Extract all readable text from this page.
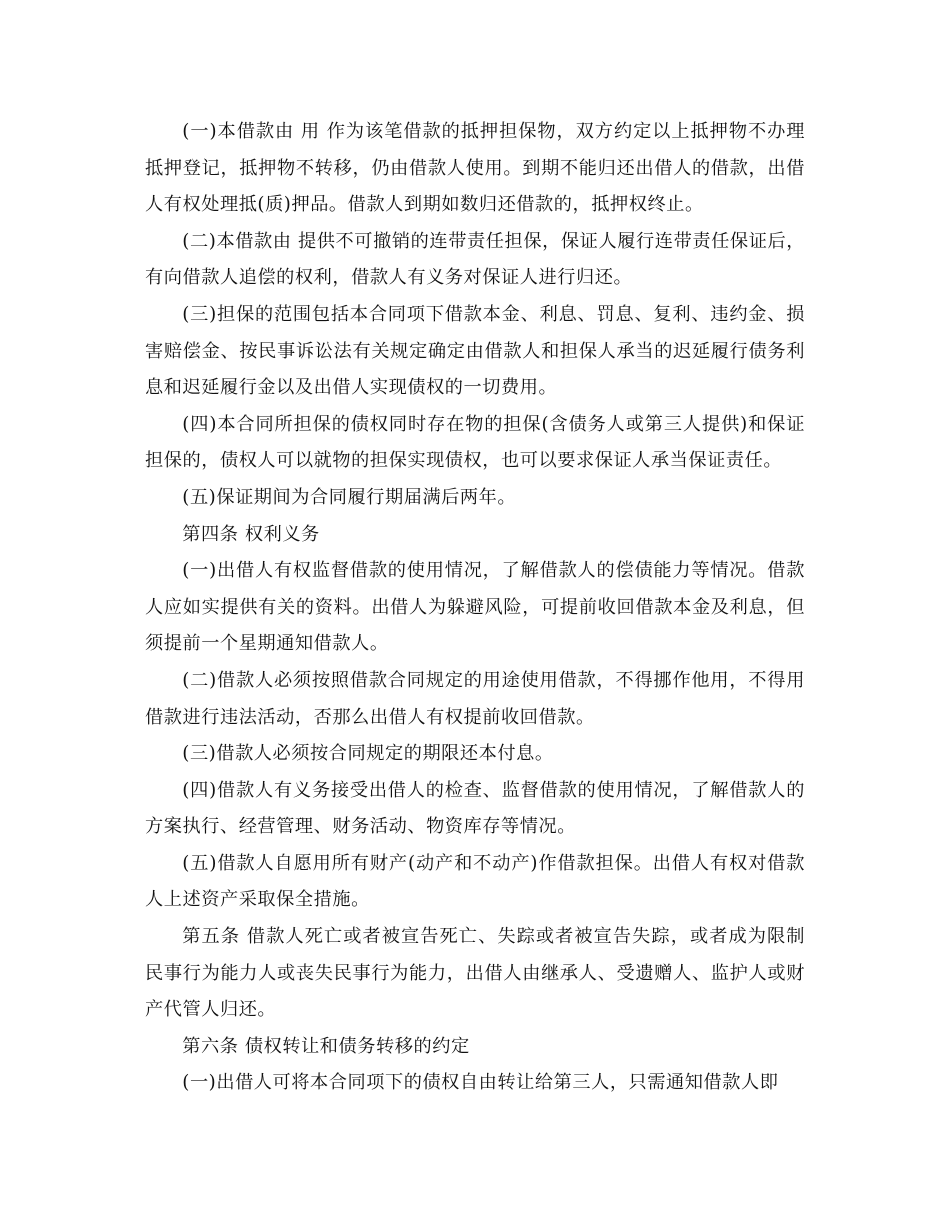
(一)本借款由 用 作为该笔借款的抵押担保物，双方约定以上抵押物不办理抵押登记，抵押物不转移，仍由借款人使用。到期不能归还出借人的借款，出借人有权处理抵(质)押品。借款人到期如数归还借款的，抵押权终止。

(二)本借款由 提供不可撤销的连带责任担保，保证人履行连带责任保证后，有向借款人追偿的权利，借款人有义务对保证人进行归还。

(三)担保的范围包括本合同项下借款本金、利息、罚息、复利、违约金、损害赔偿金、按民事诉讼法有关规定确定由借款人和担保人承当的迟延履行债务利息和迟延履行金以及出借人实现债权的一切费用。

(四)本合同所担保的债权同时存在物的担保(含债务人或第三人提供)和保证担保的，债权人可以就物的担保实现债权，也可以要求保证人承当保证责任。

(五)保证期间为合同履行期届满后两年。

第四条 权利义务

(一)出借人有权监督借款的使用情况，了解借款人的偿债能力等情况。借款人应如实提供有关的资料。出借人为躲避风险，可提前收回借款本金及利息，但须提前一个星期通知借款人。

(二)借款人必须按照借款合同规定的用途使用借款，不得挪作他用，不得用借款进行违法活动，否那么出借人有权提前收回借款。

(三)借款人必须按合同规定的期限还本付息。

(四)借款人有义务接受出借人的检查、监督借款的使用情况，了解借款人的方案执行、经营管理、财务活动、物资库存等情况。

(五)借款人自愿用所有财产(动产和不动产)作借款担保。出借人有权对借款人上述资产采取保全措施。

第五条 借款人死亡或者被宣告死亡、失踪或者被宣告失踪，或者成为限制民事行为能力人或丧失民事行为能力，出借人由继承人、受遗赠人、监护人或财产代管人归还。

第六条 债权转让和债务转移的约定

(一)出借人可将本合同项下的债权自由转让给第三人，只需通知借款人即
